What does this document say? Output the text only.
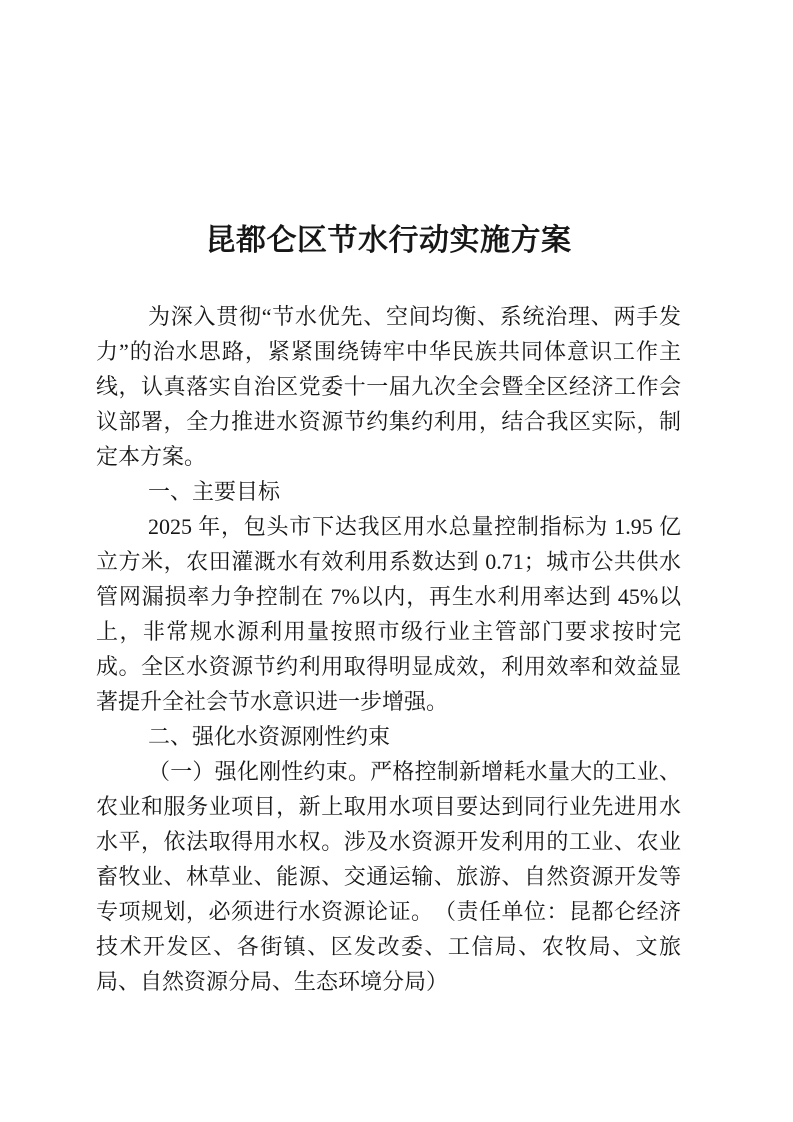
昆都仑区节水行动实施方案

为深入贯彻“节水优先、空间均衡、系统治理、两手发力”的治水思路，紧紧围绕铸牢中华民族共同体意识工作主线，认真落实自治区党委十一届九次全会暨全区经济工作会议部署，全力推进水资源节约集约利用，结合我区实际，制定本方案。

一、主要目标

2025 年，包头市下达我区用水总量控制指标为 1.95 亿立方米，农田灌溉水有效利用系数达到 0.71；城市公共供水管网漏损率力争控制在 7%以内，再生水利用率达到 45%以上，非常规水源利用量按照市级行业主管部门要求按时完成。全区水资源节约利用取得明显成效，利用效率和效益显著提升全社会节水意识进一步增强。

二、强化水资源刚性约束

（一）强化刚性约束。严格控制新增耗水量大的工业、农业和服务业项目，新上取用水项目要达到同行业先进用水水平，依法取得用水权。涉及水资源开发利用的工业、农业畜牧业、林草业、能源、交通运输、旅游、自然资源开发等专项规划，必须进行水资源论证。　（责任单位：昆都仑经济技术开发区、各街镇、区发改委、工信局、农牧局、文旅局、自然资源分局、生态环境分局）
